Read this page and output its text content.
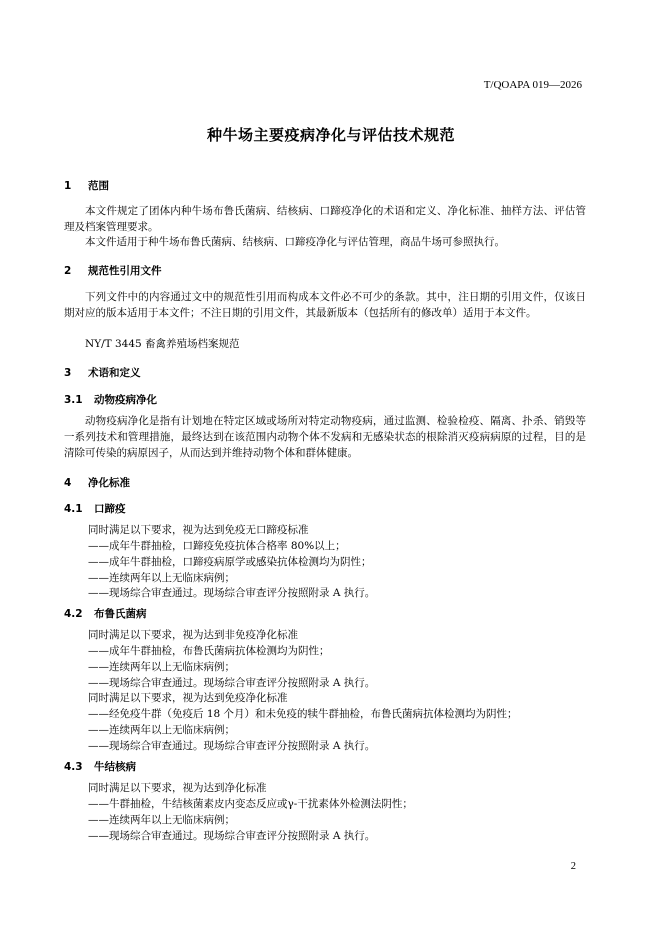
T/QOAPA 019—2026
种牛场主要疫病净化与评估技术规范
1 范围
本文件规定了团体内种牛场布鲁氏菌病、结核病、口蹄疫净化的术语和定义、净化标准、抽样方法、评估管理及档案管理要求。
本文件适用于种牛场布鲁氏菌病、结核病、口蹄疫净化与评估管理，商品牛场可参照执行。
2 规范性引用文件
下列文件中的内容通过文中的规范性引用而构成本文件必不可少的条款。其中，注日期的引用文件，仅该日期对应的版本适用于本文件；不注日期的引用文件，其最新版本（包括所有的修改单）适用于本文件。
NY/T 3445 畜禽养殖场档案规范
3 术语和定义
3.1 动物疫病净化
动物疫病净化是指有计划地在特定区域或场所对特定动物疫病，通过监测、检验检疫、隔离、扑杀、销毁等一系列技术和管理措施，最终达到在该范围内动物个体不发病和无感染状态的根除消灭疫病病原的过程，目的是清除可传染的病原因子，从而达到并维持动物个体和群体健康。
4 净化标准
4.1 口蹄疫
同时满足以下要求，视为达到免疫无口蹄疫标准
——成年牛群抽检，口蹄疫免疫抗体合格率 80%以上；
——成年牛群抽检，口蹄疫病原学或感染抗体检测均为阴性；
——连续两年以上无临床病例；
——现场综合审查通过。现场综合审查评分按照附录 A 执行。
4.2 布鲁氏菌病
同时满足以下要求，视为达到非免疫净化标准
——成年牛群抽检，布鲁氏菌病抗体检测均为阴性；
——连续两年以上无临床病例；
——现场综合审查通过。现场综合审查评分按照附录 A 执行。
同时满足以下要求，视为达到免疫净化标准
——经免疫牛群（免疫后 18 个月）和未免疫的犊牛群抽检，布鲁氏菌病抗体检测均为阴性；
——连续两年以上无临床病例；
——现场综合审查通过。现场综合审查评分按照附录 A 执行。
4.3 牛结核病
同时满足以下要求，视为达到净化标准
——牛群抽检，牛结核菌素皮内变态反应或γ-干扰素体外检测法阴性；
——连续两年以上无临床病例；
——现场综合审查通过。现场综合审查评分按照附录 A 执行。
2
